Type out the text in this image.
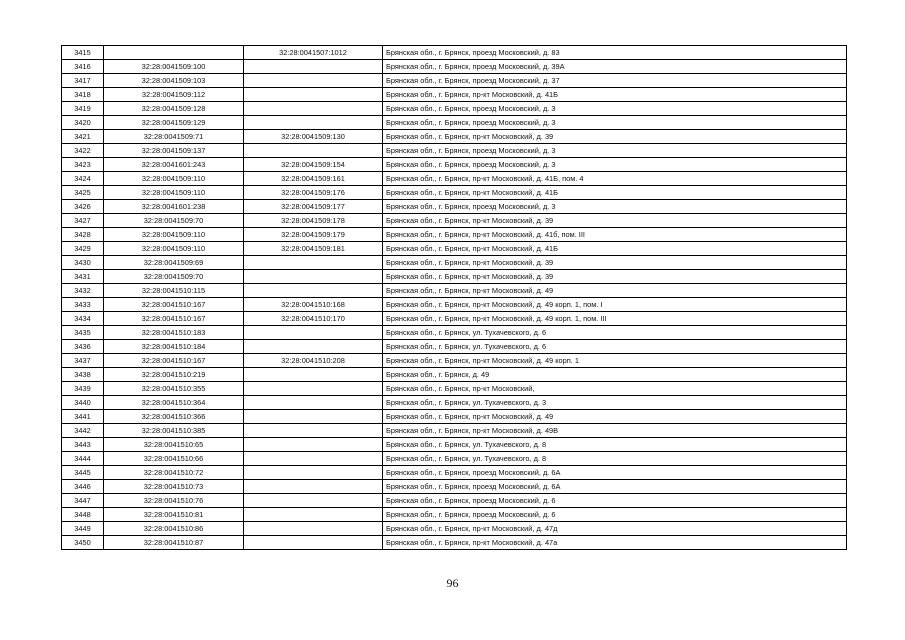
3415		32:28:0041507:1012	Брянская обл., г. Брянск, проезд Московский, д. 83
3416	32:28:0041509:100		Брянская обл., г. Брянск, проезд Московский, д. 39А
3417	32:28:0041509:103		Брянская обл., г. Брянск, проезд Московский, д. 37
3418	32:28:0041509:112		Брянская обл., г. Брянск, пр-кт Московский, д. 41Б
3419	32:28:0041509:128		Брянская обл., г. Брянск, проезд Московский, д. 3
3420	32:28:0041509:129		Брянская обл., г. Брянск, проезд Московский, д. 3
3421	32:28:0041509:71	32:28:0041509:130	Брянская обл., г. Брянск, пр-кт Московский, д. 39
3422	32:28:0041509:137		Брянская обл., г. Брянск, проезд Московский, д. 3
3423	32:28:0041601:243	32:28:0041509:154	Брянская обл., г. Брянск, проезд Московский, д. 3
3424	32:28:0041509:110	32:28:0041509:161	Брянская обл., г. Брянск, пр-кт Московский, д. 41Б, пом. 4
3425	32:28:0041509:110	32:28:0041509:176	Брянская обл., г. Брянск, пр-кт Московский, д. 41Б
3426	32:28:0041601:238	32:28:0041509:177	Брянская обл., г. Брянск, проезд Московский, д. 3
3427	32:28:0041509:70	32:28:0041509:178	Брянская обл., г. Брянск, пр-кт Московский, д. 39
3428	32:28:0041509:110	32:28:0041509:179	Брянская обл., г. Брянск, пр-кт Московский, д. 41б, пом. III
3429	32:28:0041509:110	32:28:0041509:181	Брянская обл., г. Брянск, пр-кт Московский, д. 41Б
3430	32:28:0041509:69		Брянская обл., г. Брянск, пр-кт Московский, д. 39
3431	32:28:0041509:70		Брянская обл., г. Брянск, пр-кт Московский, д. 39
3432	32:28:0041510:115		Брянская обл., г. Брянск, пр-кт Московский, д. 49
3433	32:28:0041510:167	32:28:0041510:168	Брянская обл., г. Брянск, пр-кт Московский, д. 49 корп. 1, пом. I
3434	32:28:0041510:167	32:28:0041510:170	Брянская обл., г. Брянск, пр-кт Московский, д. 49 корп. 1, пом. III
3435	32:28:0041510:183		Брянская обл., г. Брянск, ул. Тухачевского, д. 6
3436	32:28:0041510:184		Брянская обл., г. Брянск, ул. Тухачевского, д. 6
3437	32:28:0041510:167	32:28:0041510:208	Брянская обл., г. Брянск, пр-кт Московский, д. 49 корп. 1
3438	32:28:0041510:219		Брянская обл., г. Брянск, д. 49
3439	32:28:0041510:355		Брянская обл., г. Брянск, пр-кт Московский,
3440	32:28:0041510:364		Брянская обл., г. Брянск, ул. Тухачевского, д. 3
3441	32:28:0041510:366		Брянская обл., г. Брянск, пр-кт Московский, д. 49
3442	32:28:0041510:385		Брянская обл., г. Брянск, пр-кт Московский, д. 49В
3443	32:28:0041510:65		Брянская обл., г. Брянск, ул. Тухачевского, д. 8
3444	32:28:0041510:66		Брянская обл., г. Брянск, ул. Тухачевского, д. 8
3445	32:28:0041510:72		Брянская обл., г. Брянск, проезд Московский, д. 6А
3446	32:28:0041510:73		Брянская обл., г. Брянск, проезд Московский, д. 6А
3447	32:28:0041510:76		Брянская обл., г. Брянск, проезд Московский, д. 6
3448	32:28:0041510:81		Брянская обл., г. Брянск, проезд Московский, д. 6
3449	32:28:0041510:86		Брянская обл., г. Брянск, пр-кт Московский, д. 47д
3450	32:28:0041510:87		Брянская обл., г. Брянск, пр-кт Московский, д. 47а
96
